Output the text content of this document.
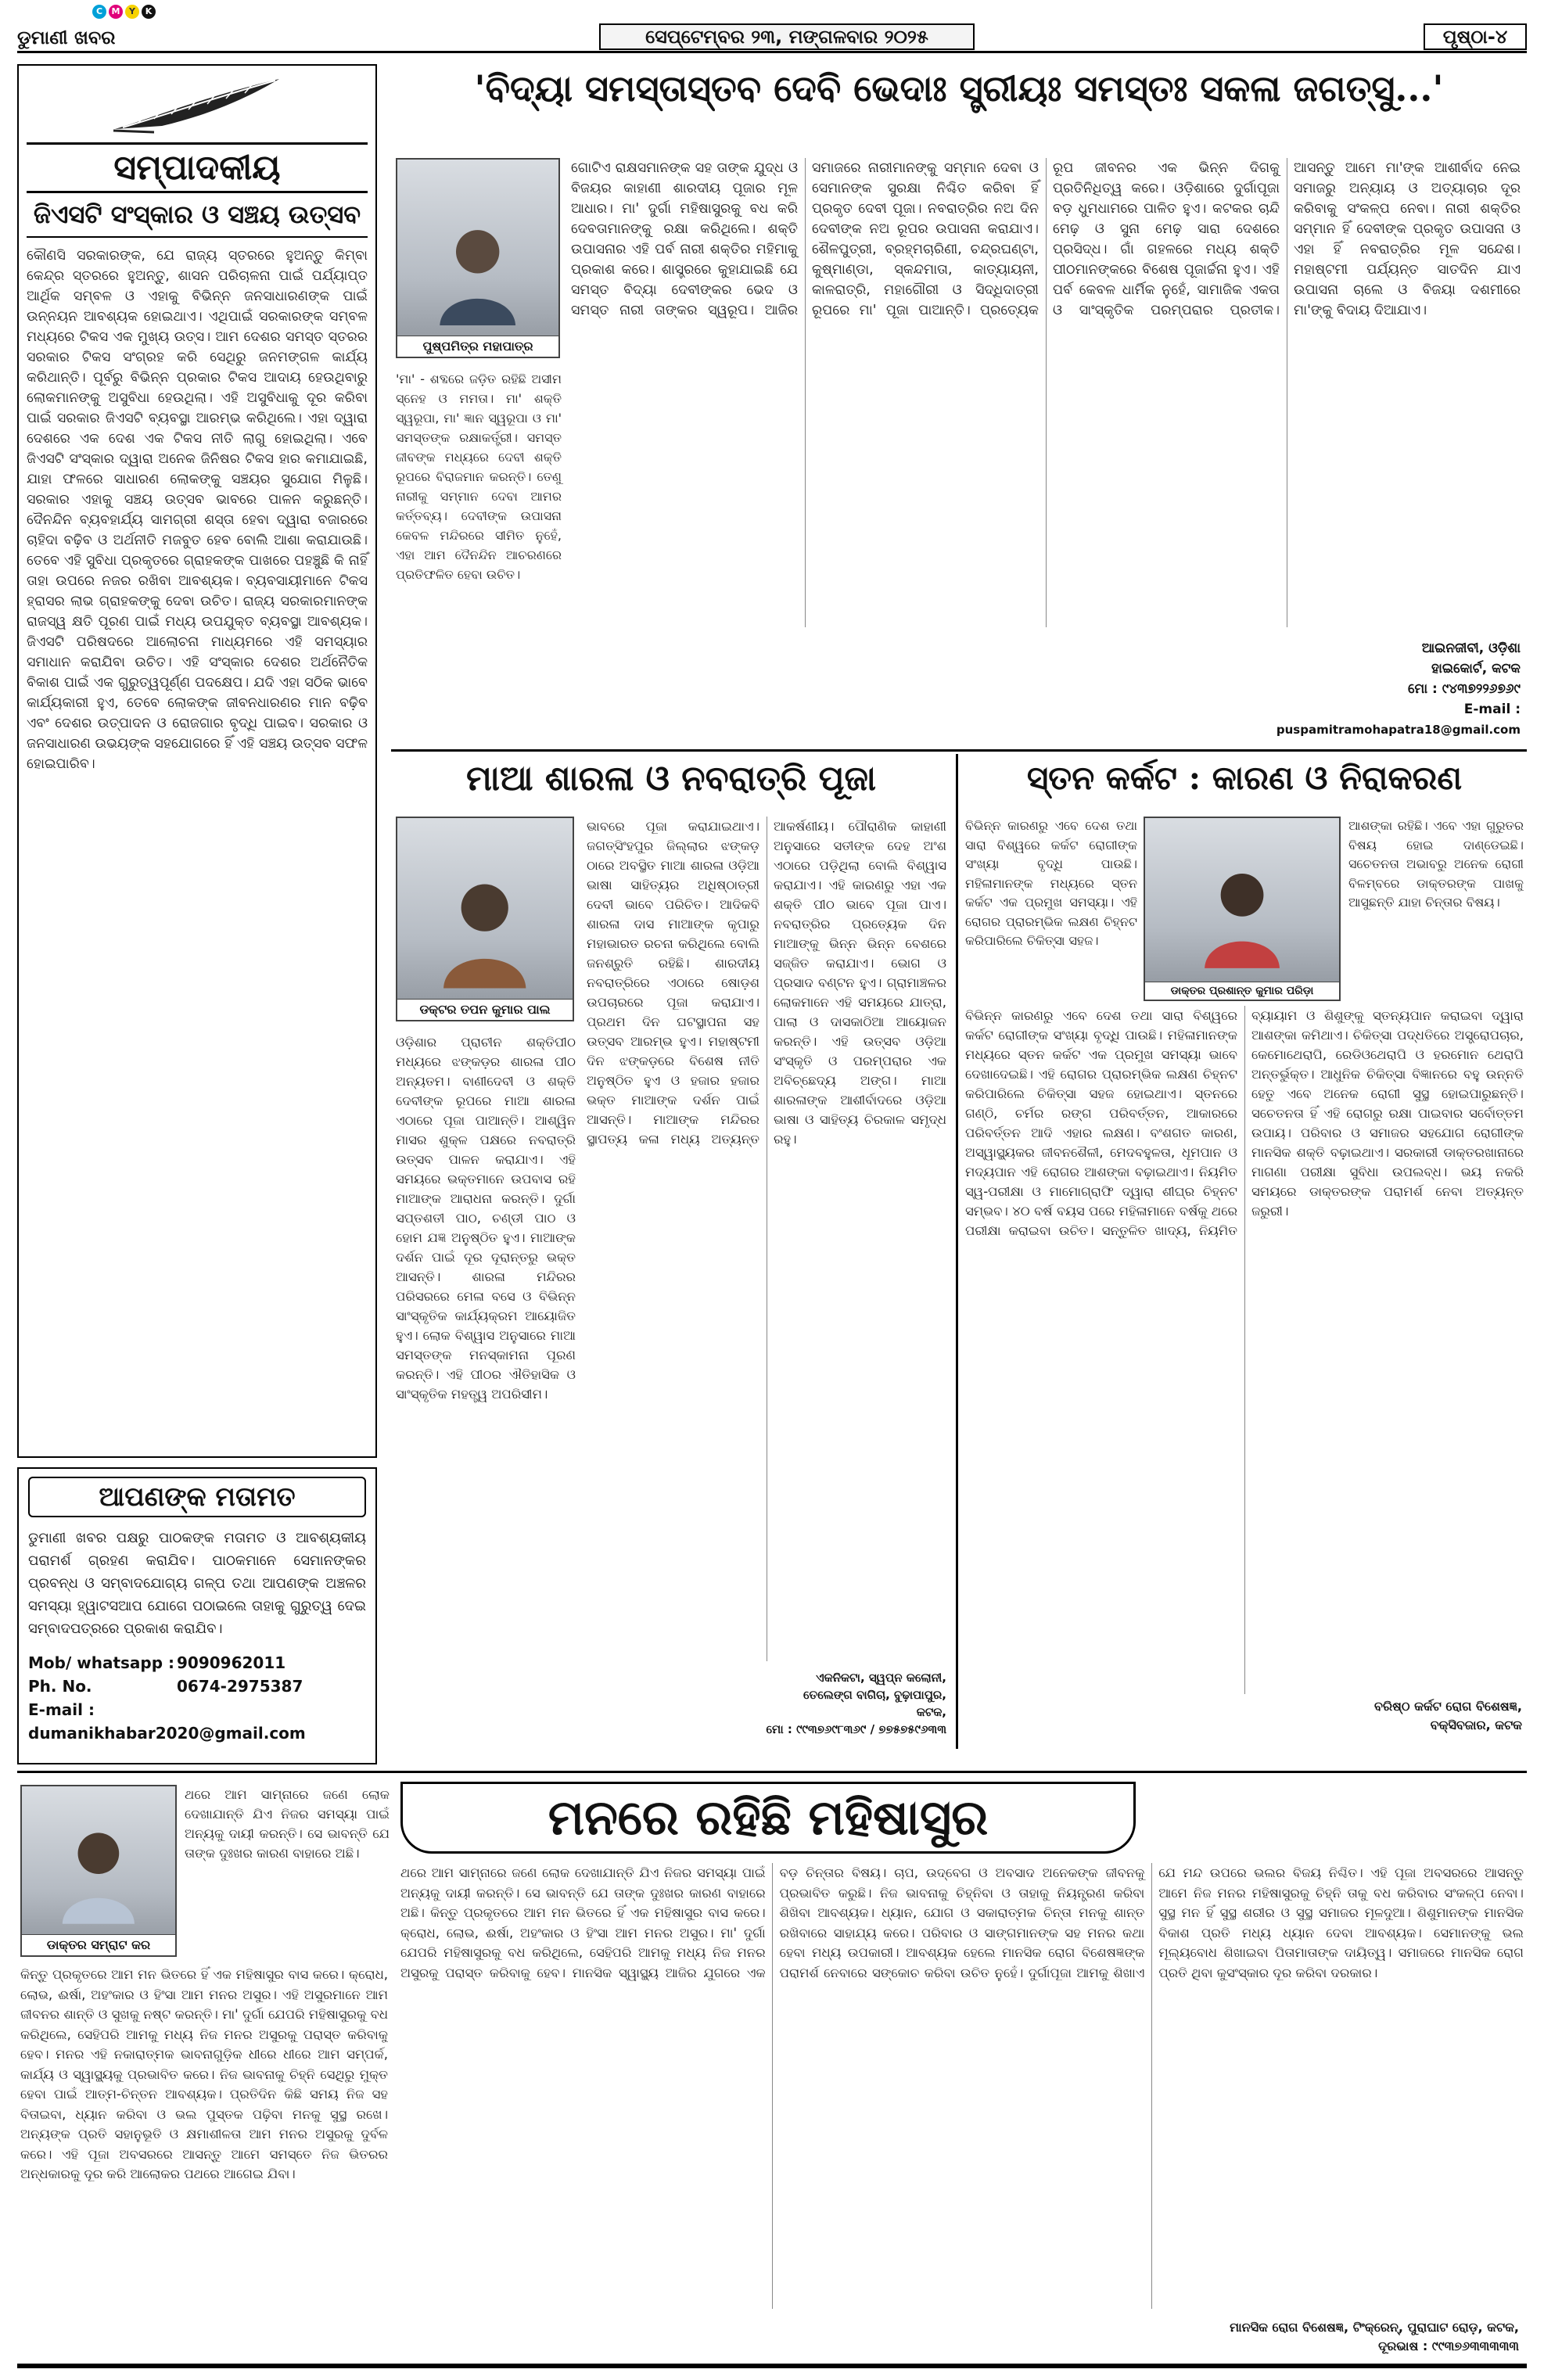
C	M	Y	K
ଡୁମାଣୀ ଖବର	ସେପ୍ଟେମ୍ବର ୨୩, ମଙ୍ଗଳବାର ୨୦୨୫	ପୃଷ୍ଠା-୪
ସମ୍ପାଦକୀୟ
ଜିଏସଟି ସଂସ୍କାର ଓ ସଞ୍ଚୟ ଉତ୍ସବ
କୌଣସି ସରକାରଙ୍କ, ଯେ ରାଜ୍ୟ ସ୍ତରରେ ହୁଅନ୍ତୁ କିମ୍ବା କେନ୍ଦ୍ର ସ୍ତରରେ ହୁଅନ୍ତୁ, ଶାସନ ପରିଚାଳନା ପାଇଁ ପର୍ଯ୍ୟାପ୍ତ ଆର୍ଥିକ ସମ୍ବଳ ଓ ଏହାକୁ ବିଭିନ୍ନ ଜନସାଧାରଣଙ୍କ ପାଇଁ ଉନ୍ନୟନ ଆବଶ୍ୟକ ହୋଇଥାଏ। ଏଥିପାଇଁ ସରକାରଙ୍କ ସମ୍ବଳ ମଧ୍ୟରେ ଟିକସ ଏକ ମୁଖ୍ୟ ଉତ୍ସ। ଆମ ଦେଶର ସମସ୍ତ ସ୍ତରର ସରକାର ଟିକସ ସଂଗ୍ରହ କରି ସେଥିରୁ ଜନମଙ୍ଗଳ କାର୍ଯ୍ୟ କରିଥାନ୍ତି। ପୂର୍ବରୁ ବିଭିନ୍ନ ପ୍ରକାର ଟିକସ ଆଦାୟ ହେଉଥିବାରୁ ଲୋକମାନଙ୍କୁ ଅସୁବିଧା ହେଉଥିଲା। ଏହି ଅସୁବିଧାକୁ ଦୂର କରିବା ପାଇଁ ସରକାର ଜିଏସଟି ବ୍ୟବସ୍ଥା ଆରମ୍ଭ କରିଥିଲେ। ଏହା ଦ୍ୱାରା ଦେଶରେ ଏକ ଦେଶ ଏକ ଟିକସ ନୀତି ଲାଗୁ ହୋଇଥିଲା। ଏବେ ଜିଏସଟି ସଂସ୍କାର ଦ୍ୱାରା ଅନେକ ଜିନିଷର ଟିକସ ହାର କମାଯାଇଛି, ଯାହା ଫଳରେ ସାଧାରଣ ଲୋକଙ୍କୁ ସଞ୍ଚୟର ସୁଯୋଗ ମିଳୁଛି। ସରକାର ଏହାକୁ ସଞ୍ଚୟ ଉତ୍ସବ ଭାବରେ ପାଳନ କରୁଛନ୍ତି। ଦୈନନ୍ଦିନ ବ୍ୟବହାର୍ଯ୍ୟ ସାମଗ୍ରୀ ଶସ୍ତା ହେବା ଦ୍ୱାରା ବଜାରରେ ଚାହିଦା ବଢ଼ିବ ଓ ଅର୍ଥନୀତି ମଜବୁତ ହେବ ବୋଲି ଆଶା କରାଯାଉଛି। ତେବେ ଏହି ସୁବିଧା ପ୍ରକୃତରେ ଗ୍ରାହକଙ୍କ ପାଖରେ ପହଞ୍ଚୁଛି କି ନାହିଁ ତାହା ଉପରେ ନଜର ରଖିବା ଆବଶ୍ୟକ। ବ୍ୟବସାୟୀମାନେ ଟିକସ ହ୍ରାସର ଲାଭ ଗ୍ରାହକଙ୍କୁ ଦେବା ଉଚିତ। ରାଜ୍ୟ ସରକାରମାନଙ୍କ ରାଜସ୍ୱ କ୍ଷତି ପୂରଣ ପାଇଁ ମଧ୍ୟ ଉପଯୁକ୍ତ ବ୍ୟବସ୍ଥା ଆବଶ୍ୟକ। ଜିଏସଟି ପରିଷଦରେ ଆଲୋଚନା ମାଧ୍ୟମରେ ଏହି ସମସ୍ୟାର ସମାଧାନ କରାଯିବା ଉଚିତ। ଏହି ସଂସ୍କାର ଦେଶର ଅର୍ଥନୈତିକ ବିକାଶ ପାଇଁ ଏକ ଗୁରୁତ୍ୱପୂର୍ଣ୍ଣ ପଦକ୍ଷେପ। ଯଦି ଏହା ସଠିକ ଭାବେ କାର୍ଯ୍ୟକାରୀ ହୁଏ, ତେବେ ଲୋକଙ୍କ ଜୀବନଧାରଣର ମାନ ବଢ଼ିବ ଏବଂ ଦେଶର ଉତ୍ପାଦନ ଓ ରୋଜଗାର ବୃଦ୍ଧି ପାଇବ। ସରକାର ଓ ଜନସାଧାରଣ ଉଭୟଙ୍କ ସହଯୋଗରେ ହିଁ ଏହି ସଞ୍ଚୟ ଉତ୍ସବ ସଫଳ ହୋଇପାରିବ।
ଆପଣଙ୍କ ମତାମତ
ଡୁମାଣୀ ଖବର ପକ୍ଷରୁ ପାଠକଙ୍କ ମତାମତ ଓ ଆବଶ୍ୟକୀୟ ପରାମର୍ଶ ଗ୍ରହଣ କରାଯିବ। ପାଠକମାନେ ସେମାନଙ୍କର ପ୍ରବନ୍ଧ ଓ ସମ୍ବାଦଯୋଗ୍ୟ ଗଳ୍ପ ତଥା ଆପଣଙ୍କ ଅଞ୍ଚଳର ସମସ୍ୟା ହ୍ୱାଟସଆପ ଯୋଗେ ପଠାଇଲେ ତାହାକୁ ଗୁରୁତ୍ୱ ଦେଇ ସମ୍ବାଦପତ୍ରରେ ପ୍ରକାଶ କରାଯିବ।
Mob/ whatsapp : 9090962011
Ph. No.	0674-2975387
E-mail : dumanikhabar2020@gmail.com
'ବିଦ୍ୟା ସମସ୍ତାସ୍ତବ ଦେବି ଭେଦାଃ ସ୍ତ୍ରୀୟଃ ସମସ୍ତଃ ସକଳା ଜଗତ୍ସୁ...'
ପୁଷ୍ପମିତ୍ର ମହାପାତ୍ର
ଗୋଟିଏ ରାକ୍ଷସମାନଙ୍କ ସହ ତାଙ୍କ ଯୁଦ୍ଧ ଓ ବିଜୟର କାହାଣୀ ଶାରଦୀୟ ପୂଜାର ମୂଳ ଆଧାର। ମା' ଦୁର୍ଗା ମହିଷାସୁରକୁ ବଧ କରି ଦେବତାମାନଙ୍କୁ ରକ୍ଷା କରିଥିଲେ। ଶକ୍ତି ଉପାସନାର ଏହି ପର୍ବ ନାରୀ ଶକ୍ତିର ମହିମାକୁ ପ୍ରକାଶ କରେ। ଶାସ୍ତ୍ରରେ କୁହାଯାଇଛି ଯେ ସମସ୍ତ ବିଦ୍ୟା ଦେବୀଙ୍କର ଭେଦ ଓ ସମସ୍ତ ନାରୀ ତାଙ୍କର ସ୍ୱରୂପ। ଆଜିର ସମାଜରେ ନାରୀମାନଙ୍କୁ ସମ୍ମାନ ଦେବା ଓ ସେମାନଙ୍କ ସୁରକ୍ଷା ନିଶ୍ଚିତ କରିବା ହିଁ ପ୍ରକୃତ ଦେବୀ ପୂଜା। ନବରାତ୍ରିର ନଅ ଦିନ ଦେବୀଙ୍କ ନଅ ରୂପର ଉପାସନା କରାଯାଏ। ଶୈଳପୁତ୍ରୀ, ବ୍ରହ୍ମଚାରିଣୀ, ଚନ୍ଦ୍ରଘଣ୍ଟା, କୁଷ୍ମାଣ୍ଡା, ସ୍କନ୍ଦମାତା, କାତ୍ୟାୟନୀ, କାଳରାତ୍ରି, ମହାଗୌରୀ ଓ ସିଦ୍ଧିଦାତ୍ରୀ ରୂପରେ ମା' ପୂଜା ପାଆନ୍ତି। ପ୍ରତ୍ୟେକ ରୂପ ଜୀବନର ଏକ ଭିନ୍ନ ଦିଗକୁ ପ୍ରତିନିଧିତ୍ୱ କରେ। ଓଡ଼ିଶାରେ ଦୁର୍ଗାପୂଜା ବଡ଼ ଧୁମଧାମରେ ପାଳିତ ହୁଏ। କଟକର ଚାନ୍ଦି ମେଢ଼ ଓ ସୁନା ମେଢ଼ ସାରା ଦେଶରେ ପ୍ରସିଦ୍ଧ। ଗାଁ ଗହଳରେ ମଧ୍ୟ ଶକ୍ତି ପୀଠମାନଙ୍କରେ ବିଶେଷ ପୂଜାର୍ଚ୍ଚନା ହୁଏ। ଏହି ପର୍ବ କେବଳ ଧାର୍ମିକ ନୁହେଁ, ସାମାଜିକ ଏକତା ଓ ସାଂସ୍କୃତିକ ପରମ୍ପରାର ପ୍ରତୀକ। ଆସନ୍ତୁ ଆମେ ମା'ଙ୍କ ଆଶୀର୍ବାଦ ନେଇ ସମାଜରୁ ଅନ୍ୟାୟ ଓ ଅତ୍ୟାଚାର ଦୂର କରିବାକୁ ସଂକଳ୍ପ ନେବା। ନାରୀ ଶକ୍ତିର ସମ୍ମାନ ହିଁ ଦେବୀଙ୍କ ପ୍ରକୃତ ଉପାସନା ଓ ଏହା ହିଁ ନବରାତ୍ରିର ମୂଳ ସନ୍ଦେଶ। ମହାଷ୍ଟମୀ ପର୍ଯ୍ୟନ୍ତ ସାତଦିନ ଯାଏ ଉପାସନା ଚାଲେ ଓ ବିଜୟା ଦଶମୀରେ ମା'ଙ୍କୁ ବିଦାୟ ଦିଆଯାଏ।
'ମା' - ଶବ୍ଦରେ ଜଡ଼ିତ ରହିଛି ଅସୀମ ସ୍ନେହ ଓ ମମତା। ମା' ଶକ୍ତି ସ୍ୱରୂପା, ମା' ଜ୍ଞାନ ସ୍ୱରୂପା ଓ ମା' ସମସ୍ତଙ୍କ ରକ୍ଷାକର୍ତ୍ତ୍ରୀ। ସମସ୍ତ ଜୀବଙ୍କ ମଧ୍ୟରେ ଦେବୀ ଶକ୍ତି ରୂପରେ ବିରାଜମାନ କରନ୍ତି। ତେଣୁ ନାରୀକୁ ସମ୍ମାନ ଦେବା ଆମର କର୍ତ୍ତବ୍ୟ। ଦେବୀଙ୍କ ଉପାସନା କେବଳ ମନ୍ଦିରରେ ସୀମିତ ନୁହେଁ, ଏହା ଆମ ଦୈନନ୍ଦିନ ଆଚରଣରେ ପ୍ରତିଫଳିତ ହେବା ଉଚିତ।
ଆଇନଜୀବୀ, ଓଡ଼ିଶା
ହାଇକୋର୍ଟ, କଟକ
ମୋ : ୯୪୩୭୨୨୬୭୬୯
E-mail :
puspamitramohapatra18@gmail.com
ମାଆ ଶାରଳା ଓ ନବରାତ୍ରି ପୂଜା
ଡକ୍ଟର ତପନ କୁମାର ପାଲ
ଭାବରେ ପୂଜା କରାଯାଇଥାଏ। ଜଗତ୍‌ସିଂହପୁର ଜିଲ୍ଲାର ଝଙ୍କଡ଼ ଠାରେ ଅବସ୍ଥିତ ମାଆ ଶାରଳା ଓଡ଼ିଆ ଭାଷା ସାହିତ୍ୟର ଅଧିଷ୍ଠାତ୍ରୀ ଦେବୀ ଭାବେ ପରିଚିତ। ଆଦିକବି ଶାରଳା ଦାସ ମାଆଙ୍କ କୃପାରୁ ମହାଭାରତ ରଚନା କରିଥିଲେ ବୋଲି ଜନଶ୍ରୁତି ରହିଛି। ଶାରଦୀୟ ନବରାତ୍ରିରେ ଏଠାରେ ଷୋଡ଼ଶ ଉପଚାରରେ ପୂଜା କରାଯାଏ। ପ୍ରଥମ ଦିନ ଘଟସ୍ଥାପନା ସହ ଉତ୍ସବ ଆରମ୍ଭ ହୁଏ। ମହାଷ୍ଟମୀ ଦିନ ଝଙ୍କଡ଼ରେ ବିଶେଷ ନୀତି ଅନୁଷ୍ଠିତ ହୁଏ ଓ ହଜାର ହଜାର ଭକ୍ତ ମାଆଙ୍କ ଦର୍ଶନ ପାଇଁ ଆସନ୍ତି। ମାଆଙ୍କ ମନ୍ଦିରର ସ୍ଥାପତ୍ୟ କଳା ମଧ୍ୟ ଅତ୍ୟନ୍ତ ଆକର୍ଷଣୀୟ। ପୌରାଣିକ କାହାଣୀ ଅନୁସାରେ ସତୀଙ୍କ ଦେହ ଅଂଶ ଏଠାରେ ପଡ଼ିଥିଲା ବୋଲି ବିଶ୍ୱାସ କରାଯାଏ। ଏହି କାରଣରୁ ଏହା ଏକ ଶକ୍ତି ପୀଠ ଭାବେ ପୂଜା ପାଏ। ନବରାତ୍ରିର ପ୍ରତ୍ୟେକ ଦିନ ମାଆଙ୍କୁ ଭିନ୍ନ ଭିନ୍ନ ବେଶରେ ସଜ୍ଜିତ କରାଯାଏ। ଭୋଗ ଓ ପ୍ରସାଦ ବଣ୍ଟନ ହୁଏ। ଗ୍ରାମାଞ୍ଚଳର ଲୋକମାନେ ଏହି ସମୟରେ ଯାତ୍ରା, ପାଲା ଓ ଦାସକାଠିଆ ଆୟୋଜନ କରନ୍ତି। ଏହି ଉତ୍ସବ ଓଡ଼ିଆ ସଂସ୍କୃତି ଓ ପରମ୍ପରାର ଏକ ଅବିଚ୍ଛେଦ୍ୟ ଅଙ୍ଗ। ମାଆ ଶାରଳାଙ୍କ ଆଶୀର୍ବାଦରେ ଓଡ଼ିଆ ଭାଷା ଓ ସାହିତ୍ୟ ଚିରକାଳ ସମୃଦ୍ଧ ରହୁ।
ଓଡ଼ିଶାର ପ୍ରାଚୀନ ଶକ୍ତିପୀଠ ମଧ୍ୟରେ ଝଙ୍କଡ଼ର ଶାରଳା ପୀଠ ଅନ୍ୟତମ। ବାଣୀଦେବୀ ଓ ଶକ୍ତି ଦେବୀଙ୍କ ରୂପରେ ମାଆ ଶାରଳା ଏଠାରେ ପୂଜା ପାଆନ୍ତି। ଆଶ୍ୱିନ ମାସର ଶୁକ୍ଳ ପକ୍ଷରେ ନବରାତ୍ରି ଉତ୍ସବ ପାଳନ କରାଯାଏ। ଏହି ସମୟରେ ଭକ୍ତମାନେ ଉପବାସ ରହି ମାଆଙ୍କ ଆରାଧନା କରନ୍ତି। ଦୁର୍ଗା ସପ୍ତଶତୀ ପାଠ, ଚଣ୍ଡୀ ପାଠ ଓ ହୋମ ଯଜ୍ଞ ଅନୁଷ୍ଠିତ ହୁଏ। ମାଆଙ୍କ ଦର୍ଶନ ପାଇଁ ଦୂର ଦୂରାନ୍ତରୁ ଭକ୍ତ ଆସନ୍ତି। ଶାରଳା ମନ୍ଦିରର ପରିସରରେ ମେଳା ବସେ ଓ ବିଭିନ୍ନ ସାଂସ୍କୃତିକ କାର୍ଯ୍ୟକ୍ରମ ଆୟୋଜିତ ହୁଏ। ଲୋକ ବିଶ୍ୱାସ ଅନୁସାରେ ମାଆ ସମସ୍ତଙ୍କ ମନସ୍କାମନା ପୂରଣ କରନ୍ତି। ଏହି ପୀଠର ଐତିହାସିକ ଓ ସାଂସ୍କୃତିକ ମହତ୍ତ୍ୱ ଅପରିସୀମ।
ଏକନିକଟା, ସ୍ୱପ୍ନ କଲୋନୀ,
ତେଲେଙ୍ଗ ବାଗିଚା, ବୁଢ଼ାପାପୁର,
କଟକ,
ମୋ : ୯୯୩୭୬୯୮୩୬୯ / ୭୭୫୭୫୯୬୩୩
ସ୍ତନ କର୍କଟ : କାରଣ ଓ ନିରାକରଣ
ଡାକ୍ତର ପ୍ରଶାନ୍ତ କୁମାର ପରିଡ଼ା
ବିଭିନ୍ନ କାରଣରୁ ଏବେ ଦେଶ ତଥା ସାରା ବିଶ୍ୱରେ କର୍କଟ ରୋଗୀଙ୍କ ସଂଖ୍ୟା ବୃଦ୍ଧି ପାଉଛି। ମହିଳାମାନଙ୍କ ମଧ୍ୟରେ ସ୍ତନ କର୍କଟ ଏକ ପ୍ରମୁଖ ସମସ୍ୟା। ଏହି ରୋଗର ପ୍ରାରମ୍ଭିକ ଲକ୍ଷଣ ଚିହ୍ନଟ କରିପାରିଲେ ଚିକିତ୍ସା ସହଜ।
ଆଶଙ୍କା ରହିଛି। ଏବେ ଏହା ଗୁରୁତର ବିଷୟ ହୋଇ ଦାଣ୍ଡେଇଛି। ସଚେତନତା ଅଭାବରୁ ଅନେକ ରୋଗୀ ବିଳମ୍ବରେ ଡାକ୍ତରଙ୍କ ପାଖକୁ ଆସୁଛନ୍ତି ଯାହା ଚିନ୍ତାର ବିଷୟ।
ବିଭିନ୍ନ କାରଣରୁ ଏବେ ଦେଶ ତଥା ସାରା ବିଶ୍ୱରେ କର୍କଟ ରୋଗୀଙ୍କ ସଂଖ୍ୟା ବୃଦ୍ଧି ପାଉଛି। ମହିଳାମାନଙ୍କ ମଧ୍ୟରେ ସ୍ତନ କର୍କଟ ଏକ ପ୍ରମୁଖ ସମସ୍ୟା ଭାବେ ଦେଖାଦେଇଛି। ଏହି ରୋଗର ପ୍ରାରମ୍ଭିକ ଲକ୍ଷଣ ଚିହ୍ନଟ କରିପାରିଲେ ଚିକିତ୍ସା ସହଜ ହୋଇଥାଏ। ସ୍ତନରେ ଗଣ୍ଠି, ଚର୍ମର ରଙ୍ଗ ପରିବର୍ତ୍ତନ, ଆକାରରେ ପରିବର୍ତ୍ତନ ଆଦି ଏହାର ଲକ୍ଷଣ। ବଂଶଗତ କାରଣ, ଅସ୍ୱାସ୍ଥ୍ୟକର ଜୀବନଶୈଳୀ, ମେଦବହୁଳତା, ଧୂମପାନ ଓ ମଦ୍ୟପାନ ଏହି ରୋଗର ଆଶଙ୍କା ବଢ଼ାଇଥାଏ। ନିୟମିତ ସ୍ୱ-ପରୀକ୍ଷା ଓ ମାମୋଗ୍ରାଫି ଦ୍ୱାରା ଶୀଘ୍ର ଚିହ୍ନଟ ସମ୍ଭବ। ୪୦ ବର୍ଷ ବୟସ ପରେ ମହିଳାମାନେ ବର୍ଷକୁ ଥରେ ପରୀକ୍ଷା କରାଇବା ଉଚିତ। ସନ୍ତୁଳିତ ଖାଦ୍ୟ, ନିୟମିତ ବ୍ୟାୟାମ ଓ ଶିଶୁଙ୍କୁ ସ୍ତନ୍ୟପାନ କରାଇବା ଦ୍ୱାରା ଆଶଙ୍କା କମିଥାଏ। ଚିକିତ୍ସା ପଦ୍ଧତିରେ ଅସ୍ତ୍ରୋପଚାର, କେମୋଥେରାପି, ରେଡିଓଥେରାପି ଓ ହରମୋନ ଥେରାପି ଅନ୍ତର୍ଭୁକ୍ତ। ଆଧୁନିକ ଚିକିତ୍ସା ବିଜ୍ଞାନରେ ବହୁ ଉନ୍ନତି ହେତୁ ଏବେ ଅନେକ ରୋଗୀ ସୁସ୍ଥ ହୋଇପାରୁଛନ୍ତି। ସଚେତନତା ହିଁ ଏହି ରୋଗରୁ ରକ୍ଷା ପାଇବାର ସର୍ବୋତ୍ତମ ଉପାୟ। ପରିବାର ଓ ସମାଜର ସହଯୋଗ ରୋଗୀଙ୍କ ମାନସିକ ଶକ୍ତି ବଢ଼ାଇଥାଏ। ସରକାରୀ ଡାକ୍ତରଖାନାରେ ମାଗଣା ପରୀକ୍ଷା ସୁବିଧା ଉପଲବ୍ଧ। ଭୟ ନକରି ସମୟରେ ଡାକ୍ତରଙ୍କ ପରାମର୍ଶ ନେବା ଅତ୍ୟନ୍ତ ଜରୁରୀ।
ବରିଷ୍ଠ କର୍କଟ ରୋଗ ବିଶେଷଜ୍ଞ,
ବକ୍ସିବଜାର, କଟକ
ଡାକ୍ତର ସମ୍ରାଟ କର
ଥରେ ଆମ ସାମ୍ନାରେ ଜଣେ ଲୋକ ଦେଖାଯାନ୍ତି ଯିଏ ନିଜର ସମସ୍ୟା ପାଇଁ ଅନ୍ୟକୁ ଦାୟୀ କରନ୍ତି। ସେ ଭାବନ୍ତି ଯେ ତାଙ୍କ ଦୁଃଖର କାରଣ ବାହାରେ ଅଛି।
ମନରେ ରହିଛି ମହିଷାସୁର
ଥରେ ଆମ ସାମ୍ନାରେ ଜଣେ ଲୋକ ଦେଖାଯାନ୍ତି ଯିଏ ନିଜର ସମସ୍ୟା ପାଇଁ ଅନ୍ୟକୁ ଦାୟୀ କରନ୍ତି। ସେ ଭାବନ୍ତି ଯେ ତାଙ୍କ ଦୁଃଖର କାରଣ ବାହାରେ ଅଛି। କିନ୍ତୁ ପ୍ରକୃତରେ ଆମ ମନ ଭିତରେ ହିଁ ଏକ ମହିଷାସୁର ବାସ କରେ। କ୍ରୋଧ, ଲୋଭ, ଈର୍ଷା, ଅହଂକାର ଓ ହିଂସା ଆମ ମନର ଅସୁର। ମା' ଦୁର୍ଗା ଯେପରି ମହିଷାସୁରକୁ ବଧ କରିଥିଲେ, ସେହିପରି ଆମକୁ ମଧ୍ୟ ନିଜ ମନର ଅସୁରକୁ ପରାସ୍ତ କରିବାକୁ ହେବ। ମାନସିକ ସ୍ୱାସ୍ଥ୍ୟ ଆଜିର ଯୁଗରେ ଏକ ବଡ଼ ଚିନ୍ତାର ବିଷୟ। ଚାପ, ଉଦ୍ବେଗ ଓ ଅବସାଦ ଅନେକଙ୍କ ଜୀବନକୁ ପ୍ରଭାବିତ କରୁଛି। ନିଜ ଭାବନାକୁ ଚିହ୍ନିବା ଓ ତାହାକୁ ନିୟନ୍ତ୍ରଣ କରିବା ଶିଖିବା ଆବଶ୍ୟକ। ଧ୍ୟାନ, ଯୋଗ ଓ ସକାରାତ୍ମକ ଚିନ୍ତା ମନକୁ ଶାନ୍ତ ରଖିବାରେ ସାହାଯ୍ୟ କରେ। ପରିବାର ଓ ସାଙ୍ଗମାନଙ୍କ ସହ ମନର କଥା ହେବା ମଧ୍ୟ ଉପକାରୀ। ଆବଶ୍ୟକ ହେଲେ ମାନସିକ ରୋଗ ବିଶେଷଜ୍ଞଙ୍କ ପରାମର୍ଶ ନେବାରେ ସଙ୍କୋଚ କରିବା ଉଚିତ ନୁହେଁ। ଦୁର୍ଗାପୂଜା ଆମକୁ ଶିଖାଏ ଯେ ମନ୍ଦ ଉପରେ ଭଲର ବିଜୟ ନିଶ୍ଚିତ। ଏହି ପୂଜା ଅବସରରେ ଆସନ୍ତୁ ଆମେ ନିଜ ମନର ମହିଷାସୁରକୁ ଚିହ୍ନି ତାକୁ ବଧ କରିବାର ସଂକଳ୍ପ ନେବା। ସୁସ୍ଥ ମନ ହିଁ ସୁସ୍ଥ ଶରୀର ଓ ସୁସ୍ଥ ସମାଜର ମୂଳଦୁଆ। ଶିଶୁମାନଙ୍କ ମାନସିକ ବିକାଶ ପ୍ରତି ମଧ୍ୟ ଧ୍ୟାନ ଦେବା ଆବଶ୍ୟକ। ସେମାନଙ୍କୁ ଭଲ ମୂଲ୍ୟବୋଧ ଶିଖାଇବା ପିତାମାତାଙ୍କ ଦାୟିତ୍ୱ। ସମାଜରେ ମାନସିକ ରୋଗ ପ୍ରତି ଥିବା କୁସଂସ୍କାର ଦୂର କରିବା ଦରକାର।
କିନ୍ତୁ ପ୍ରକୃତରେ ଆମ ମନ ଭିତରେ ହିଁ ଏକ ମହିଷାସୁର ବାସ କରେ। କ୍ରୋଧ, ଲୋଭ, ଈର୍ଷା, ଅହଂକାର ଓ ହିଂସା ଆମ ମନର ଅସୁର। ଏହି ଅସୁରମାନେ ଆମ ଜୀବନର ଶାନ୍ତି ଓ ସୁଖକୁ ନଷ୍ଟ କରନ୍ତି। ମା' ଦୁର୍ଗା ଯେପରି ମହିଷାସୁରକୁ ବଧ କରିଥିଲେ, ସେହିପରି ଆମକୁ ମଧ୍ୟ ନିଜ ମନର ଅସୁରକୁ ପରାସ୍ତ କରିବାକୁ ହେବ। ମନର ଏହି ନକାରାତ୍ମକ ଭାବନାଗୁଡ଼ିକ ଧୀରେ ଧୀରେ ଆମ ସମ୍ପର୍କ, କାର୍ଯ୍ୟ ଓ ସ୍ୱାସ୍ଥ୍ୟକୁ ପ୍ରଭାବିତ କରେ। ନିଜ ଭାବନାକୁ ଚିହ୍ନି ସେଥିରୁ ମୁକ୍ତ ହେବା ପାଇଁ ଆତ୍ମ-ଚିନ୍ତନ ଆବଶ୍ୟକ। ପ୍ରତିଦିନ କିଛି ସମୟ ନିଜ ସହ ବିତାଇବା, ଧ୍ୟାନ କରିବା ଓ ଭଲ ପୁସ୍ତକ ପଢ଼ିବା ମନକୁ ସୁସ୍ଥ ରଖେ। ଅନ୍ୟଙ୍କ ପ୍ରତି ସହାନୁଭୂତି ଓ କ୍ଷମାଶୀଳତା ଆମ ମନର ଅସୁରକୁ ଦୁର୍ବଳ କରେ। ଏହି ପୂଜା ଅବସରରେ ଆସନ୍ତୁ ଆମେ ସମସ୍ତେ ନିଜ ଭିତରର ଅନ୍ଧକାରକୁ ଦୂର କରି ଆଲୋକର ପଥରେ ଆଗେଇ ଯିବା।
ମାନସିକ ରୋଗ ବିଶେଷଜ୍ଞ, ଟିଂକ୍ରେନ୍, ପୁରାଘାଟ ରୋଡ଼, କଟକ,
ଦୂରଭାଷ : ୯୯୩୭୬୩୩୩୩୩
